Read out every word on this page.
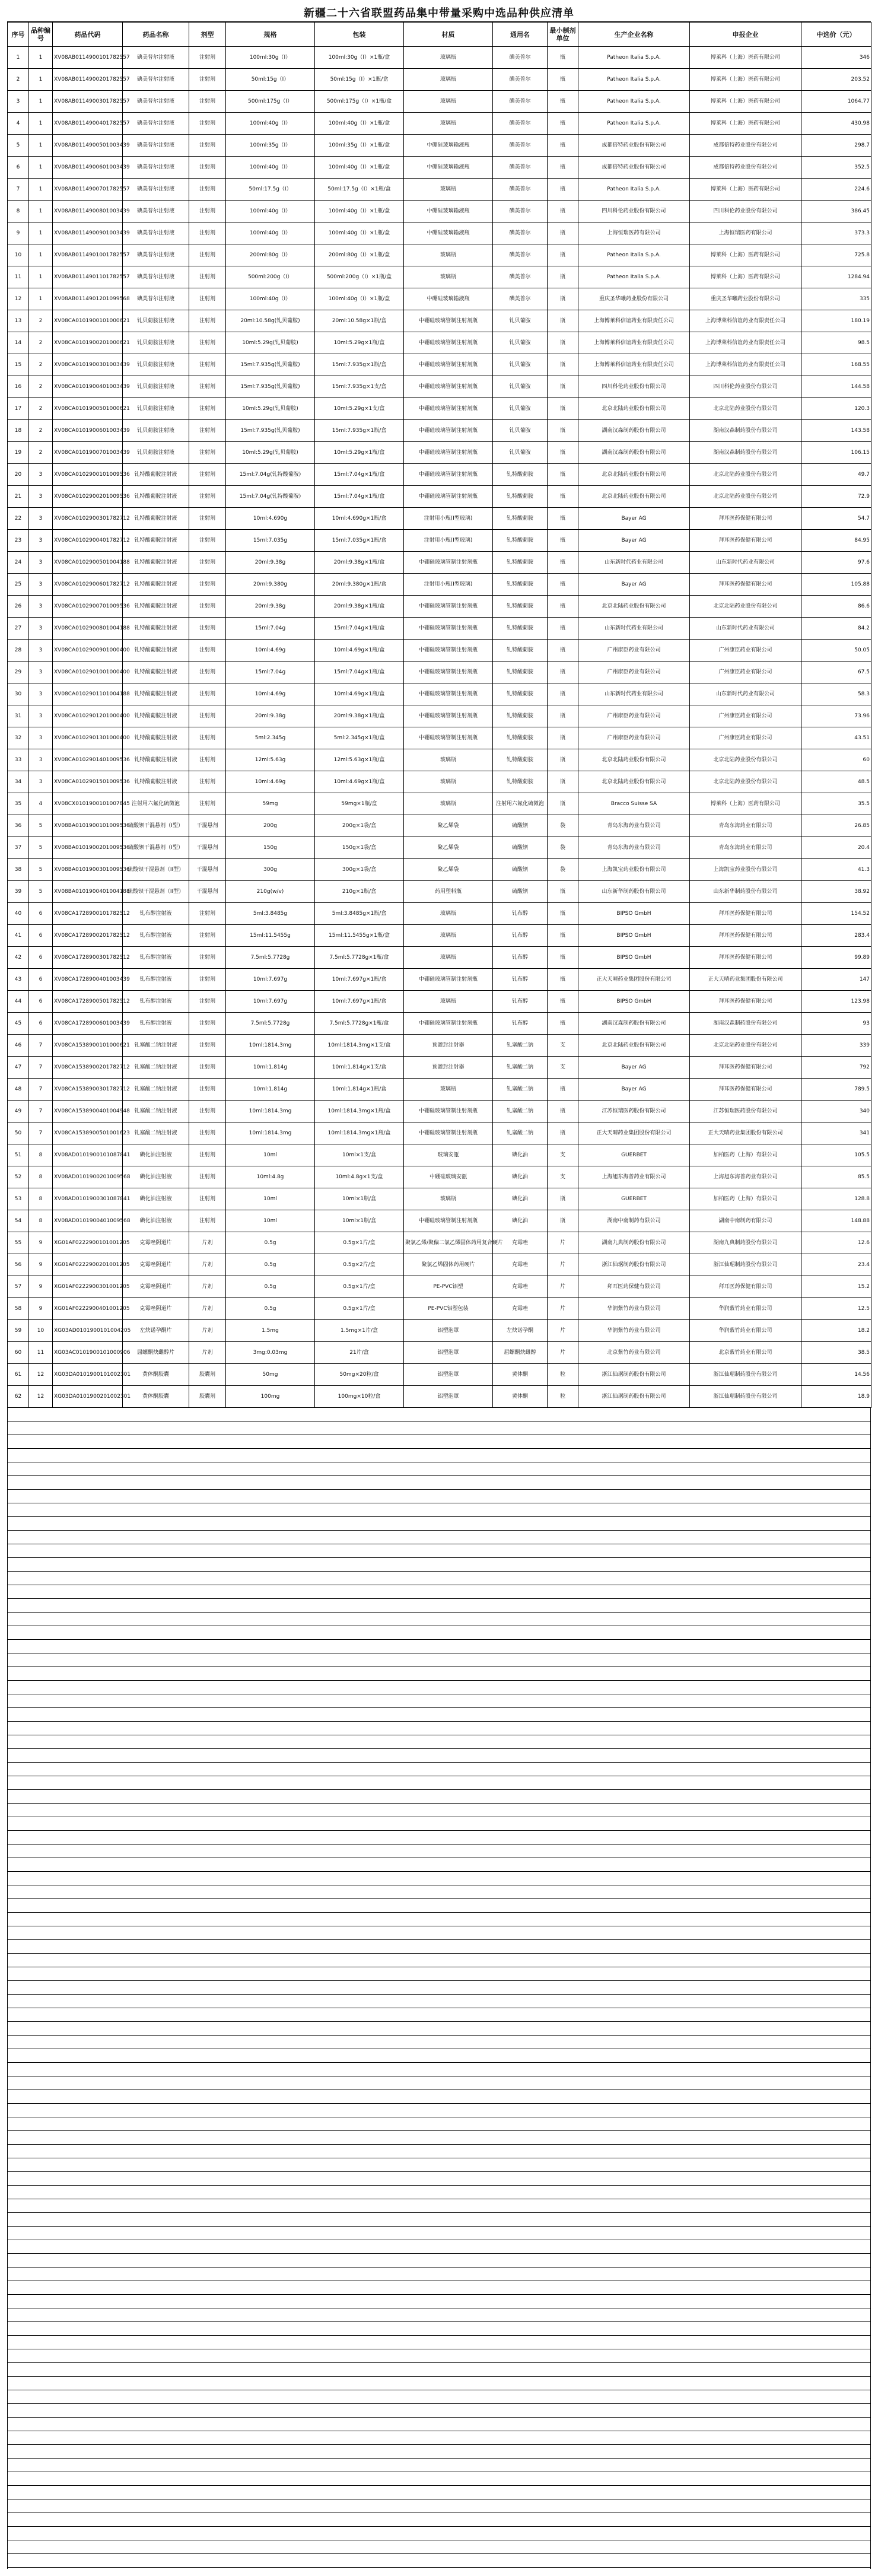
新疆二十六省联盟药品集中带量采购中选品种供应清单
序号	品种编号	药品代码	药品名称	剂型	规格	包装	材质	通用名	最小制剂单位	生产企业名称	申报企业	中选价（元）
1	1	XV08AB0114900101782557	碘美普尔注射液	注射剂	100ml:30g（I）	100ml:30g（I）×1瓶/盒	玻璃瓶	碘美普尔	瓶	Patheon Italia S.p.A.	博莱科（上海）医药有限公司	346
2	1	XV08AB0114900201782557	碘美普尔注射液	注射剂	50ml:15g（I）	50ml:15g（I）×1瓶/盒	玻璃瓶	碘美普尔	瓶	Patheon Italia S.p.A.	博莱科（上海）医药有限公司	203.52
3	1	XV08AB0114900301782557	碘美普尔注射液	注射剂	500ml:175g（I）	500ml:175g（I）×1瓶/盒	玻璃瓶	碘美普尔	瓶	Patheon Italia S.p.A.	博莱科（上海）医药有限公司	1064.77
4	1	XV08AB0114900401782557	碘美普尔注射液	注射剂	100ml:40g（I）	100ml:40g（I）×1瓶/盒	玻璃瓶	碘美普尔	瓶	Patheon Italia S.p.A.	博莱科（上海）医药有限公司	430.98
5	1	XV08AB0114900501003439	碘美普尔注射液	注射剂	100ml:35g（I）	100ml:35g（I）×1瓶/盒	中硼硅玻璃输液瓶	碘美普尔	瓶	成都倍特药业股份有限公司	成都倍特药业股份有限公司	298.7
6	1	XV08AB0114900601003439	碘美普尔注射液	注射剂	100ml:40g（I）	100ml:40g（I）×1瓶/盒	中硼硅玻璃输液瓶	碘美普尔	瓶	成都倍特药业股份有限公司	成都倍特药业股份有限公司	352.5
7	1	XV08AB0114900701782557	碘美普尔注射液	注射剂	50ml:17.5g（I）	50ml:17.5g（I）×1瓶/盒	玻璃瓶	碘美普尔	瓶	Patheon Italia S.p.A.	博莱科（上海）医药有限公司	224.6
8	1	XV08AB0114900801003439	碘美普尔注射液	注射剂	100ml:40g（I）	100ml:40g（I）×1瓶/盒	中硼硅玻璃输液瓶	碘美普尔	瓶	四川科伦药业股份有限公司	四川科伦药业股份有限公司	386.45
9	1	XV08AB0114900901003439	碘美普尔注射液	注射剂	100ml:40g（I）	100ml:40g（I）×1瓶/盒	中硼硅玻璃输液瓶	碘美普尔	瓶	上海恒瑞医药有限公司	上海恒瑞医药有限公司	373.3
10	1	XV08AB0114901001782557	碘美普尔注射液	注射剂	200ml:80g（I）	200ml:80g（I）×1瓶/盒	玻璃瓶	碘美普尔	瓶	Patheon Italia S.p.A.	博莱科（上海）医药有限公司	725.8
11	1	XV08AB0114901101782557	碘美普尔注射液	注射剂	500ml:200g（I）	500ml:200g（I）×1瓶/盒	玻璃瓶	碘美普尔	瓶	Patheon Italia S.p.A.	博莱科（上海）医药有限公司	1284.94
12	1	XV08AB0114901201099568	碘美普尔注射液	注射剂	100ml:40g（I）	100ml:40g（I）×1瓶/盒	中硼硅玻璃输液瓶	碘美普尔	瓶	重庆圣华曦药业股份有限公司	重庆圣华曦药业股份有限公司	335
13	2	XV08CA0101900101000621	钆贝葡胺注射液	注射剂	20ml:10.58g(钆贝葡胺)	20ml:10.58g×1瓶/盒	中硼硅玻璃管制注射剂瓶	钆贝葡胺	瓶	上海博莱科信谊药业有限责任公司	上海博莱科信谊药业有限责任公司	180.19
14	2	XV08CA0101900201000621	钆贝葡胺注射液	注射剂	10ml:5.29g(钆贝葡胺)	10ml:5.29g×1瓶/盒	中硼硅玻璃管制注射剂瓶	钆贝葡胺	瓶	上海博莱科信谊药业有限责任公司	上海博莱科信谊药业有限责任公司	98.5
15	2	XV08CA0101900301003439	钆贝葡胺注射液	注射剂	15ml:7.935g(钆贝葡胺)	15ml:7.935g×1瓶/盒	中硼硅玻璃管制注射剂瓶	钆贝葡胺	瓶	上海博莱科信谊药业有限责任公司	上海博莱科信谊药业有限责任公司	168.55
16	2	XV08CA0101900401003439	钆贝葡胺注射液	注射剂	15ml:7.935g(钆贝葡胺)	15ml:7.935g×1支/盒	中硼硅玻璃管制注射剂瓶	钆贝葡胺	瓶	四川科伦药业股份有限公司	四川科伦药业股份有限公司	144.58
17	2	XV08CA0101900501000621	钆贝葡胺注射液	注射剂	10ml:5.29g(钆贝葡胺)	10ml:5.29g×1支/盒	中硼硅玻璃管制注射剂瓶	钆贝葡胺	瓶	北京北陆药业股份有限公司	北京北陆药业股份有限公司	120.3
18	2	XV08CA0101900601003439	钆贝葡胺注射液	注射剂	15ml:7.935g(钆贝葡胺)	15ml:7.935g×1瓶/盒	中硼硅玻璃管制注射剂瓶	钆贝葡胺	瓶	湖南汉森制药股份有限公司	湖南汉森制药股份有限公司	143.58
19	2	XV08CA0101900701003439	钆贝葡胺注射液	注射剂	10ml:5.29g(钆贝葡胺)	10ml:5.29g×1瓶/盒	中硼硅玻璃管制注射剂瓶	钆贝葡胺	瓶	湖南汉森制药股份有限公司	湖南汉森制药股份有限公司	106.15
20	3	XV08CA0102900101009536	钆特酸葡胺注射液	注射剂	15ml:7.04g(钆特酸葡胺)	15ml:7.04g×1瓶/盒	中硼硅玻璃管制注射剂瓶	钆特酸葡胺	瓶	北京北陆药业股份有限公司	北京北陆药业股份有限公司	49.7
21	3	XV08CA0102900201009536	钆特酸葡胺注射液	注射剂	15ml:7.04g(钆特酸葡胺)	15ml:7.04g×1瓶/盒	中硼硅玻璃管制注射剂瓶	钆特酸葡胺	瓶	北京北陆药业股份有限公司	北京北陆药业股份有限公司	72.9
22	3	XV08CA0102900301782712	钆特酸葡胺注射液	注射剂	10ml:4.690g	10ml:4.690g×1瓶/盒	注射用小瓶(I型玻璃)	钆特酸葡胺	瓶	Bayer AG	拜耳医药保健有限公司	54.7
23	3	XV08CA0102900401782712	钆特酸葡胺注射液	注射剂	15ml:7.035g	15ml:7.035g×1瓶/盒	注射用小瓶(I型玻璃)	钆特酸葡胺	瓶	Bayer AG	拜耳医药保健有限公司	84.95
24	3	XV08CA0102900501004188	钆特酸葡胺注射液	注射剂	20ml:9.38g	20ml:9.38g×1瓶/盒	中硼硅玻璃管制注射剂瓶	钆特酸葡胺	瓶	山东新时代药业有限公司	山东新时代药业有限公司	97.6
25	3	XV08CA0102900601782712	钆特酸葡胺注射液	注射剂	20ml:9.380g	20ml:9.380g×1瓶/盒	注射用小瓶(I型玻璃)	钆特酸葡胺	瓶	Bayer AG	拜耳医药保健有限公司	105.88
26	3	XV08CA0102900701009536	钆特酸葡胺注射液	注射剂	20ml:9.38g	20ml:9.38g×1瓶/盒	中硼硅玻璃管制注射剂瓶	钆特酸葡胺	瓶	北京北陆药业股份有限公司	北京北陆药业股份有限公司	86.6
27	3	XV08CA0102900801004188	钆特酸葡胺注射液	注射剂	15ml:7.04g	15ml:7.04g×1瓶/盒	中硼硅玻璃管制注射剂瓶	钆特酸葡胺	瓶	山东新时代药业有限公司	山东新时代药业有限公司	84.2
28	3	XV08CA0102900901000400	钆特酸葡胺注射液	注射剂	10ml:4.69g	10ml:4.69g×1瓶/盒	中硼硅玻璃管制注射剂瓶	钆特酸葡胺	瓶	广州康臣药业有限公司	广州康臣药业有限公司	50.05
29	3	XV08CA0102901001000400	钆特酸葡胺注射液	注射剂	15ml:7.04g	15ml:7.04g×1瓶/盒	中硼硅玻璃管制注射剂瓶	钆特酸葡胺	瓶	广州康臣药业有限公司	广州康臣药业有限公司	67.5
30	3	XV08CA0102901101004188	钆特酸葡胺注射液	注射剂	10ml:4.69g	10ml:4.69g×1瓶/盒	中硼硅玻璃管制注射剂瓶	钆特酸葡胺	瓶	山东新时代药业有限公司	山东新时代药业有限公司	58.3
31	3	XV08CA0102901201000400	钆特酸葡胺注射液	注射剂	20ml:9.38g	20ml:9.38g×1瓶/盒	中硼硅玻璃管制注射剂瓶	钆特酸葡胺	瓶	广州康臣药业有限公司	广州康臣药业有限公司	73.96
32	3	XV08CA0102901301000400	钆特酸葡胺注射液	注射剂	5ml:2.345g	5ml:2.345g×1瓶/盒	中硼硅玻璃管制注射剂瓶	钆特酸葡胺	瓶	广州康臣药业有限公司	广州康臣药业有限公司	43.51
33	3	XV08CA0102901401009536	钆特酸葡胺注射液	注射剂	12ml:5.63g	12ml:5.63g×1瓶/盒	玻璃瓶	钆特酸葡胺	瓶	北京北陆药业股份有限公司	北京北陆药业股份有限公司	60
34	3	XV08CA0102901501009536	钆特酸葡胺注射液	注射剂	10ml:4.69g	10ml:4.69g×1瓶/盒	玻璃瓶	钆特酸葡胺	瓶	北京北陆药业股份有限公司	北京北陆药业股份有限公司	48.5
35	4	XV08CX0101900101007845	注射用六氟化硫微泡	注射剂	59mg	59mg×1瓶/盒	玻璃瓶	注射用六氟化硫微泡	瓶	Bracco Suisse SA	博莱科（上海）医药有限公司	35.5
36	5	XV08BA0101900101009536	硫酸钡干混悬剂（I型）	干混悬剂	200g	200g×1袋/盒	聚乙烯袋	硫酸钡	袋	青岛东海药业有限公司	青岛东海药业有限公司	26.85
37	5	XV08BA0101900201009536	硫酸钡干混悬剂（I型）	干混悬剂	150g	150g×1袋/盒	聚乙烯袋	硫酸钡	袋	青岛东海药业有限公司	青岛东海药业有限公司	20.4
38	5	XV08BA0101900301009536	硫酸钡干混悬剂（II型）	干混悬剂	300g	300g×1袋/盒	聚乙烯袋	硫酸钡	袋	上海凯宝药业股份有限公司	上海凯宝药业股份有限公司	41.3
39	5	XV08BA0101900401004188	硫酸钡干混悬剂（II型）	干混悬剂	210g(w/v)	210g×1瓶/盒	药用塑料瓶	硫酸钡	瓶	山东新华制药股份有限公司	山东新华制药股份有限公司	38.92
40	6	XV08CA1728900101782512	钆布醇注射液	注射剂	5ml:3.8485g	5ml:3.8485g×1瓶/盒	玻璃瓶	钆布醇	瓶	BIPSO GmbH	拜耳医药保健有限公司	154.52
41	6	XV08CA1728900201782512	钆布醇注射液	注射剂	15ml:11.5455g	15ml:11.5455g×1瓶/盒	玻璃瓶	钆布醇	瓶	BIPSO GmbH	拜耳医药保健有限公司	283.4
42	6	XV08CA1728900301782512	钆布醇注射液	注射剂	7.5ml:5.7728g	7.5ml:5.7728g×1瓶/盒	玻璃瓶	钆布醇	瓶	BIPSO GmbH	拜耳医药保健有限公司	99.89
43	6	XV08CA1728900401003439	钆布醇注射液	注射剂	10ml:7.697g	10ml:7.697g×1瓶/盒	中硼硅玻璃管制注射剂瓶	钆布醇	瓶	正大天晴药业集团股份有限公司	正大天晴药业集团股份有限公司	147
44	6	XV08CA1728900501782512	钆布醇注射液	注射剂	10ml:7.697g	10ml:7.697g×1瓶/盒	玻璃瓶	钆布醇	瓶	BIPSO GmbH	拜耳医药保健有限公司	123.98
45	6	XV08CA1728900601003439	钆布醇注射液	注射剂	7.5ml:5.7728g	7.5ml:5.7728g×1瓶/盒	中硼硅玻璃管制注射剂瓶	钆布醇	瓶	湖南汉森制药股份有限公司	湖南汉森制药股份有限公司	93
46	7	XV08CA1538900101000621	钆塞酸二钠注射液	注射剂	10ml:1814.3mg	10ml:1814.3mg×1支/盒	预灌封注射器	钆塞酸二钠	支	北京北陆药业股份有限公司	北京北陆药业股份有限公司	339
47	7	XV08CA1538900201782712	钆塞酸二钠注射液	注射剂	10ml:1.814g	10ml:1.814g×1支/盒	预灌封注射器	钆塞酸二钠	支	Bayer AG	拜耳医药保健有限公司	792
48	7	XV08CA1538900301782712	钆塞酸二钠注射液	注射剂	10ml:1.814g	10ml:1.814g×1瓶/盒	玻璃瓶	钆塞酸二钠	瓶	Bayer AG	拜耳医药保健有限公司	789.5
49	7	XV08CA1538900401004948	钆塞酸二钠注射液	注射剂	10ml:1814.3mg	10ml:1814.3mg×1瓶/盒	中硼硅玻璃管制注射剂瓶	钆塞酸二钠	瓶	江苏恒瑞医药股份有限公司	江苏恒瑞医药股份有限公司	340
50	7	XV08CA1538900501001623	钆塞酸二钠注射液	注射剂	10ml:1814.3mg	10ml:1814.3mg×1瓶/盒	中硼硅玻璃管制注射剂瓶	钆塞酸二钠	瓶	正大天晴药业集团股份有限公司	正大天晴药业集团股份有限公司	341
51	8	XV08AD0101900101087841	碘化油注射液	注射剂	10ml	10ml×1支/盒	玻璃安瓿	碘化油	支	GUERBET	加柏医药（上海）有限公司	105.5
52	8	XV08AD0101900201009568	碘化油注射液	注射剂	10ml:4.8g	10ml:4.8g×1支/盒	中硼硅玻璃安瓿	碘化油	支	上海旭东海普药业有限公司	上海旭东海普药业有限公司	85.5
53	8	XV08AD0101900301087841	碘化油注射液	注射剂	10ml	10ml×1瓶/盒	玻璃瓶	碘化油	瓶	GUERBET	加柏医药（上海）有限公司	128.8
54	8	XV08AD0101900401009568	碘化油注射液	注射剂	10ml	10ml×1瓶/盒	中硼硅玻璃管制注射剂瓶	碘化油	瓶	湖南中南制药有限公司	湖南中南制药有限公司	148.88
55	9	XG01AF0222900101001205	克霉唑阴道片	片剂	0.5g	0.5g×1片/盒	聚氯乙烯/聚偏二氯乙烯固体药用复合硬片	克霉唑	片	湖南九典制药股份有限公司	湖南九典制药股份有限公司	12.6
56	9	XG01AF0222900201001205	克霉唑阴道片	片剂	0.5g	0.5g×2片/盒	聚氯乙烯固体药用硬片	克霉唑	片	浙江仙琚制药股份有限公司	浙江仙琚制药股份有限公司	23.4
57	9	XG01AF0222900301001205	克霉唑阴道片	片剂	0.5g	0.5g×1片/盒	PE-PVC铝塑	克霉唑	片	拜耳医药保健有限公司	拜耳医药保健有限公司	15.2
58	9	XG01AF0222900401001205	克霉唑阴道片	片剂	0.5g	0.5g×1片/盒	PE-PVC铝塑包装	克霉唑	片	华润紫竹药业有限公司	华润紫竹药业有限公司	12.5
59	10	XG03AD0101900101004205	左炔诺孕酮片	片剂	1.5mg	1.5mg×1片/盒	铝塑泡罩	左炔诺孕酮	片	华润紫竹药业有限公司	华润紫竹药业有限公司	18.2
60	11	XG03AC0101900101000906	屈螺酮炔雌醇片	片剂	3mg:0.03mg	21片/盒	铝塑泡罩	屈螺酮炔雌醇	片	北京紫竹药业有限公司	北京紫竹药业有限公司	38.5
61	12	XG03DA0101900101002301	黄体酮胶囊	胶囊剂	50mg	50mg×20粒/盒	铝塑泡罩	黄体酮	粒	浙江仙琚制药股份有限公司	浙江仙琚制药股份有限公司	14.56
62	12	XG03DA0101900201002301	黄体酮胶囊	胶囊剂	100mg	100mg×10粒/盒	铝塑泡罩	黄体酮	粒	浙江仙琚制药股份有限公司	浙江仙琚制药股份有限公司	18.9
